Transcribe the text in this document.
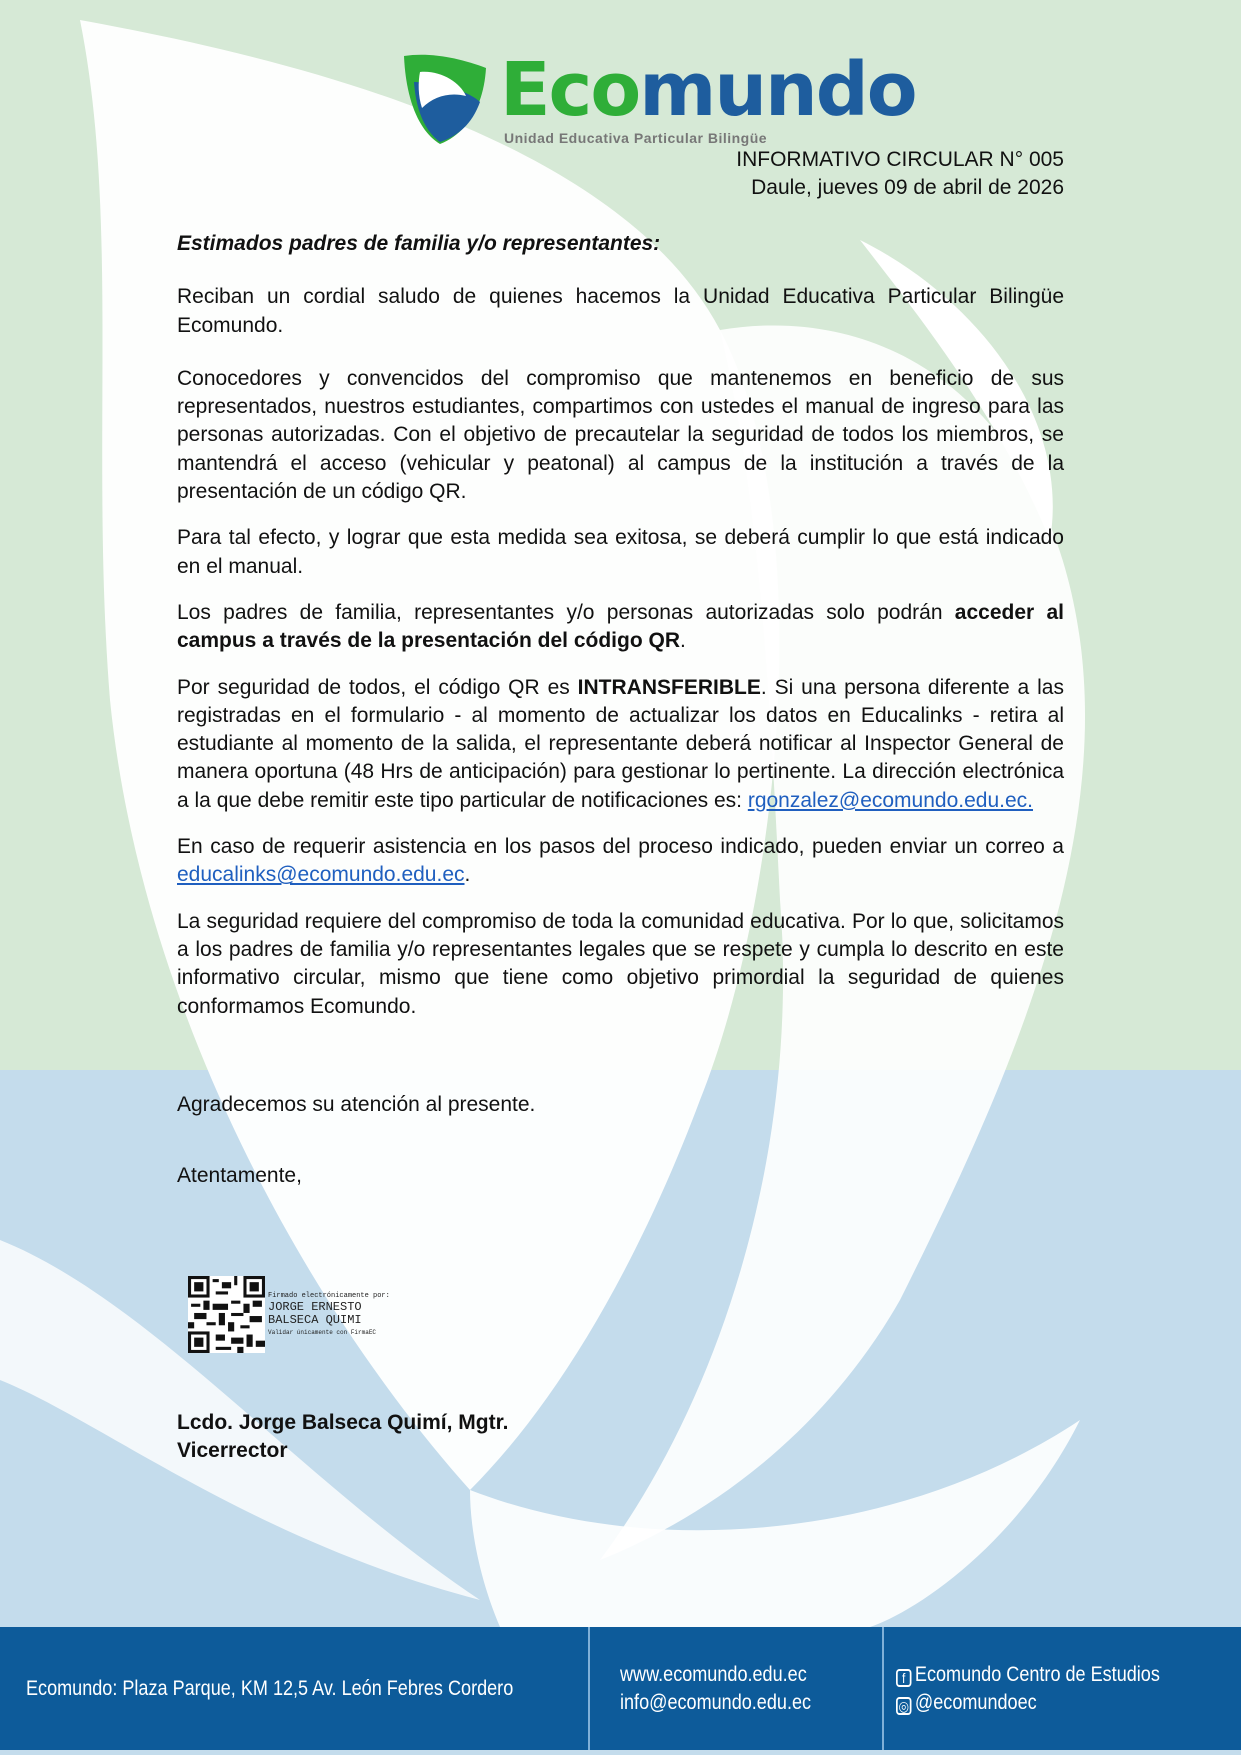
Ecomundo
Unidad Educativa Particular Bilingüe
INFORMATIVO CIRCULAR N° 005
Daule, jueves 09 de abril de 2026

Estimados padres de familia y/o representantes:

Reciban un cordial saludo de quienes hacemos la Unidad Educativa Particular Bilingüe Ecomundo.

Conocedores y convencidos del compromiso que mantenemos en beneficio de sus representados, nuestros estudiantes, compartimos con ustedes el manual de ingreso para las personas autorizadas. Con el objetivo de precautelar la seguridad de todos los miembros, se mantendrá el acceso (vehicular y peatonal) al campus de la institución a través de la presentación de un código QR.

Para tal efecto, y lograr que esta medida sea exitosa, se deberá cumplir lo que está indicado en el manual.

Los padres de familia, representantes y/o personas autorizadas solo podrán acceder al campus a través de la presentación del código QR.

Por seguridad de todos, el código QR es INTRANSFERIBLE. Si una persona diferente a las registradas en el formulario - al momento de actualizar los datos en Educalinks - retira al estudiante al momento de la salida, el representante deberá notificar al Inspector General de manera oportuna (48 Hrs de anticipación) para gestionar lo pertinente. La dirección electrónica a la que debe remitir este tipo particular de notificaciones es: rgonzalez@ecomundo.edu.ec.

En caso de requerir asistencia en los pasos del proceso indicado, pueden enviar un correo a educalinks@ecomundo.edu.ec.

La seguridad requiere del compromiso de toda la comunidad educativa. Por lo que, solicitamos a los padres de familia y/o representantes legales que se respete y cumpla lo descrito en este informativo circular, mismo que tiene como objetivo primordial la seguridad de quienes conformamos Ecomundo.

Agradecemos su atención al presente.

Atentamente,

Firmado electrónicamente por:
JORGE ERNESTO
BALSECA QUIMI
Validar únicamente con FirmaEC
Lcdo. Jorge Balseca Quimí, Mgtr.
Vicerrector
Ecomundo: Plaza Parque, KM 12,5 Av. León Febres Cordero
www.ecomundo.edu.ec
info@ecomundo.edu.ec
f Ecomundo Centro de Estudios
◎ @ecomundoec
